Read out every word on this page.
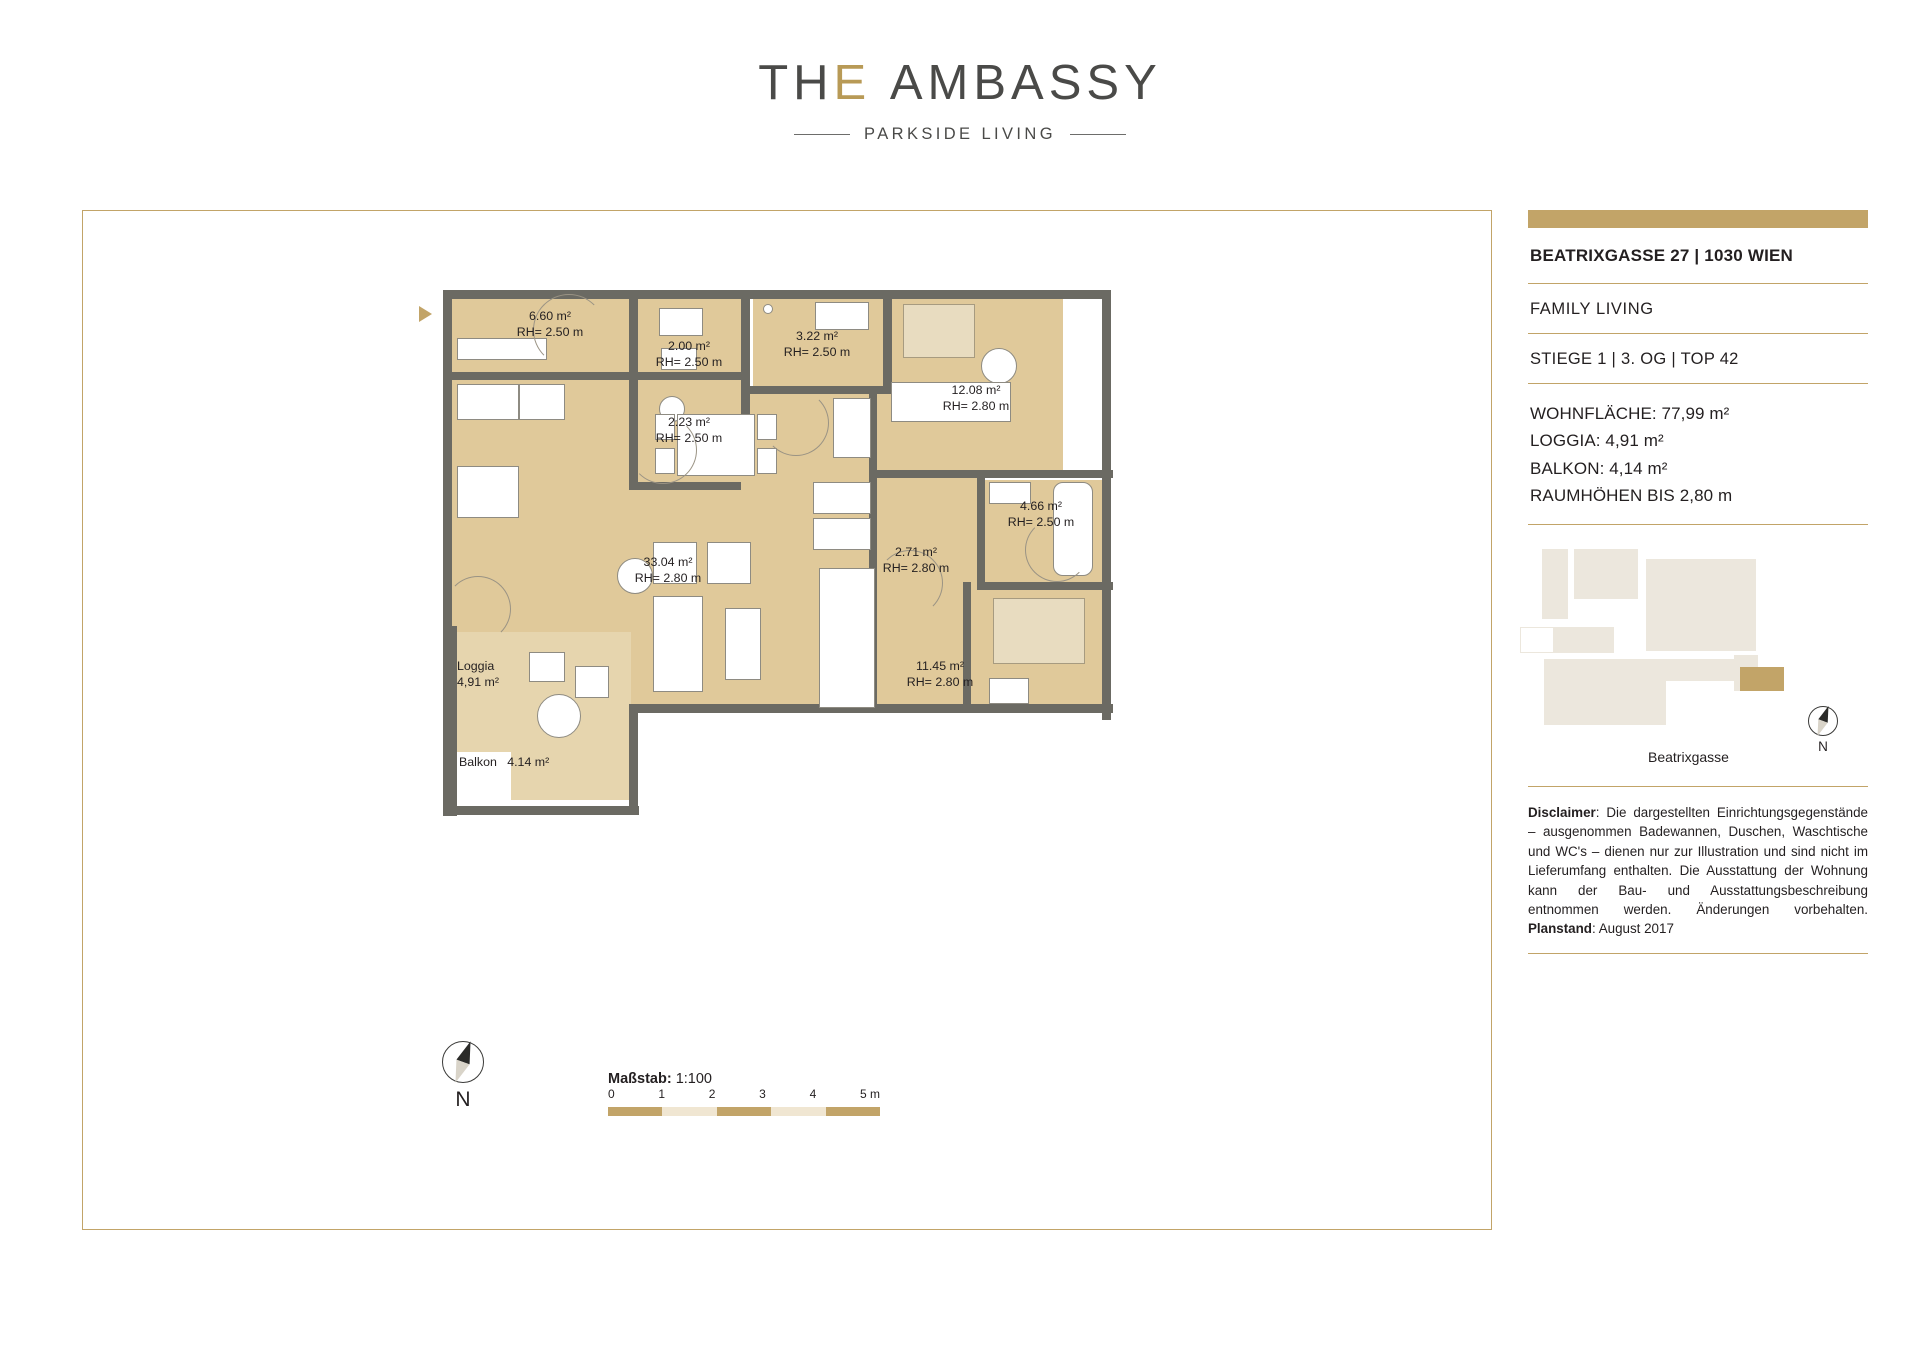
THE AMBASSY
PARKSIDE LIVING
6.60 m²
RH= 2.50 m
2.00 m²
RH= 2.50 m
3.22 m²
RH= 2.50 m
12.08 m²
RH= 2.80 m
2.23 m²
RH= 2.50 m
4.66 m²
RH= 2.50 m
2.71 m²
RH= 2.80 m
33.04 m²
RH= 2.80 m
11.45 m²
RH= 2.80 m
Loggia
4,91 m²
Balkon 4.14 m²
N
Maßstab: 1:100
0	1	2	3	4	5 m
BEATRIXGASSE 27 | 1030 WIEN
FAMILY LIVING
STIEGE 1 | 3. OG | TOP 42
WOHNFLÄCHE: 77,99 m²
LOGGIA: 4,91 m²
BALKON: 4,14 m²
RAUMHÖHEN BIS 2,80 m
Beatrixgasse
N
Disclaimer: Die dargestellten Einrichtungsgegenstände – ausgenommen Badewannen, Duschen, Waschtische und WC's – dienen nur zur Illustration und sind nicht im Lieferumfang enthalten. Die Ausstattung der Wohnung kann der Bau- und Ausstattungsbeschreibung entnommen werden. Änderungen vorbehalten. Planstand: August 2017
